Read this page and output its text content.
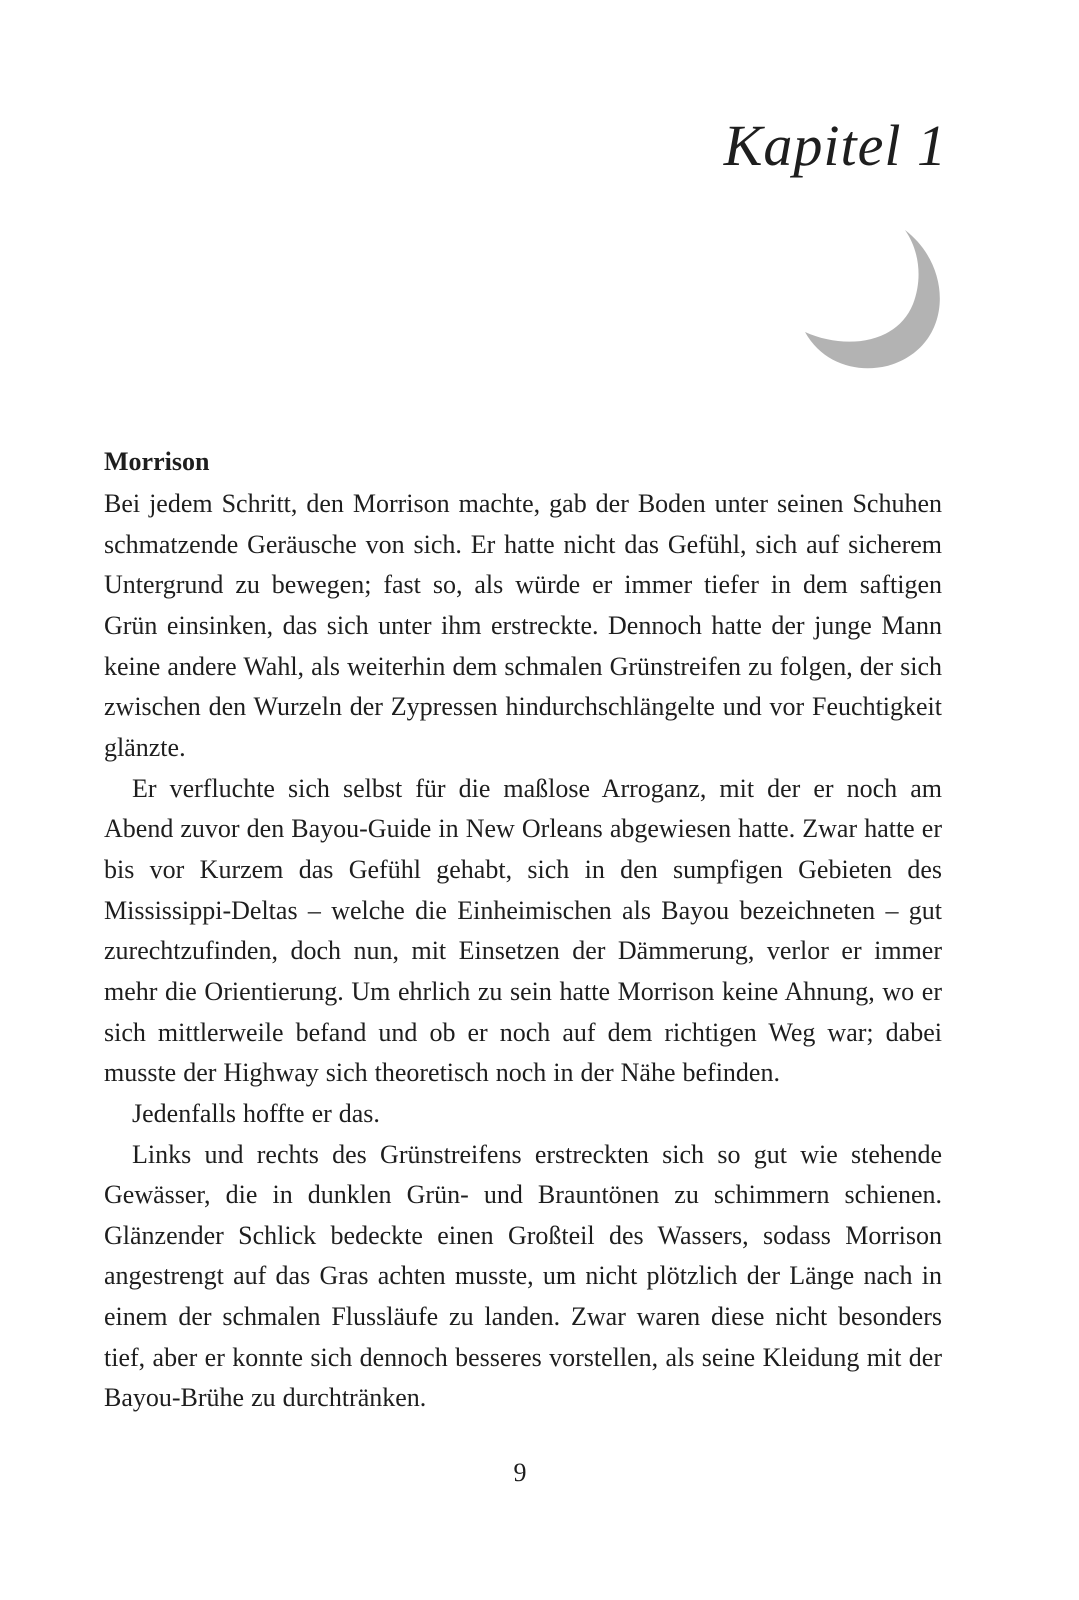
Kapitel 1
Morrison

Bei jedem Schritt, den Morrison machte, gab der Boden unter seinen Schuhen schmatzende Geräusche von sich. Er hatte nicht das Gefühl, sich auf sicherem Untergrund zu bewegen; fast so, als würde er immer tiefer in dem saftigen Grün einsinken, das sich unter ihm erstreckte. Dennoch hatte der junge Mann keine andere Wahl, als weiterhin dem schmalen Grünstreifen zu folgen, der sich zwischen den Wurzeln der Zypressen hindurchschlängelte und vor Feuchtigkeit glänzte.

Er verfluchte sich selbst für die maßlose Arroganz, mit der er noch am Abend zuvor den Bayou-Guide in New Orleans abgewiesen hatte. Zwar hatte er bis vor Kurzem das Gefühl gehabt, sich in den sumpfigen Gebieten des Mississippi-Deltas – welche die Einheimischen als Bayou bezeichneten – gut zurechtzufinden, doch nun, mit Einsetzen der Dämmerung, verlor er immer mehr die Orientierung. Um ehrlich zu sein hatte Morrison keine Ahnung, wo er sich mittlerweile befand und ob er noch auf dem richtigen Weg war; dabei musste der Highway sich theoretisch noch in der Nähe befinden.

Jedenfalls hoffte er das.

Links und rechts des Grünstreifens erstreckten sich so gut wie stehende Gewässer, die in dunklen Grün- und Brauntönen zu schimmern schienen. Glänzender Schlick bedeckte einen Großteil des Wassers, sodass Morrison angestrengt auf das Gras achten musste, um nicht plötzlich der Länge nach in einem der schmalen Flussläufe zu landen. Zwar waren diese nicht besonders tief, aber er konnte sich dennoch besseres vorstellen, als seine Kleidung mit der Bayou-Brühe zu durchtränken.

9
